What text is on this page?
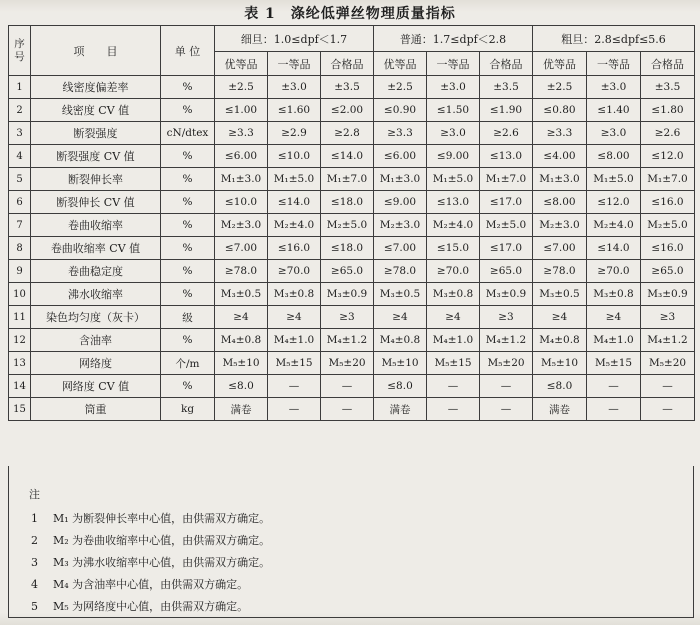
表 1　涤纶低弹丝物理质量指标
序
号	项　　目	单 位	细旦：1.0≤dpf＜1.7			普通：1.7≤dpf＜2.8			粗旦：2.8≤dpf≤5.6		
			优等品	一等品	合格品	优等品	一等品	合格品	优等品	一等品	合格品
1	线密度偏差率	%	±2.5	±3.0	±3.5	±2.5	±3.0	±3.5	±2.5	±3.0	±3.5
2	线密度 CV 值	%	≤1.00	≤1.60	≤2.00	≤0.90	≤1.50	≤1.90	≤0.80	≤1.40	≤1.80
3	断裂强度	cN/dtex	≥3.3	≥2.9	≥2.8	≥3.3	≥3.0	≥2.6	≥3.3	≥3.0	≥2.6
4	断裂强度 CV 值	%	≤6.00	≤10.0	≤14.0	≤6.00	≤9.00	≤13.0	≤4.00	≤8.00	≤12.0
5	断裂伸长率	%	M₁±3.0	M₁±5.0	M₁±7.0	M₁±3.0	M₁±5.0	M₁±7.0	M₁±3.0	M₁±5.0	M₁±7.0
6	断裂伸长 CV 值	%	≤10.0	≤14.0	≤18.0	≤9.00	≤13.0	≤17.0	≤8.00	≤12.0	≤16.0
7	卷曲收缩率	%	M₂±3.0	M₂±4.0	M₂±5.0	M₂±3.0	M₂±4.0	M₂±5.0	M₂±3.0	M₂±4.0	M₂±5.0
8	卷曲收缩率 CV 值	%	≤7.00	≤16.0	≤18.0	≤7.00	≤15.0	≤17.0	≤7.00	≤14.0	≤16.0
9	卷曲稳定度	%	≥78.0	≥70.0	≥65.0	≥78.0	≥70.0	≥65.0	≥78.0	≥70.0	≥65.0
10	沸水收缩率	%	M₃±0.5	M₃±0.8	M₃±0.9	M₃±0.5	M₃±0.8	M₃±0.9	M₃±0.5	M₃±0.8	M₃±0.9
11	染色均匀度（灰卡）	级	≥4	≥4	≥3	≥4	≥4	≥3	≥4	≥4	≥3
12	含油率	%	M₄±0.8	M₄±1.0	M₄±1.2	M₄±0.8	M₄±1.0	M₄±1.2	M₄±0.8	M₄±1.0	M₄±1.2
13	网络度	个/m	M₅±10	M₅±15	M₅±20	M₅±10	M₅±15	M₅±20	M₅±10	M₅±15	M₅±20
14	网络度 CV 值	%	≤8.0	—	—	≤8.0	—	—	≤8.0	—	—
15	筒重	kg	满卷	—	—	满卷	—	—	满卷	—	—
注
1 M₁ 为断裂伸长率中心值，由供需双方确定。
2 M₂ 为卷曲收缩率中心值，由供需双方确定。
3 M₃ 为沸水收缩率中心值，由供需双方确定。
4 M₄ 为含油率中心值，由供需双方确定。
5 M₅ 为网络度中心值，由供需双方确定。
